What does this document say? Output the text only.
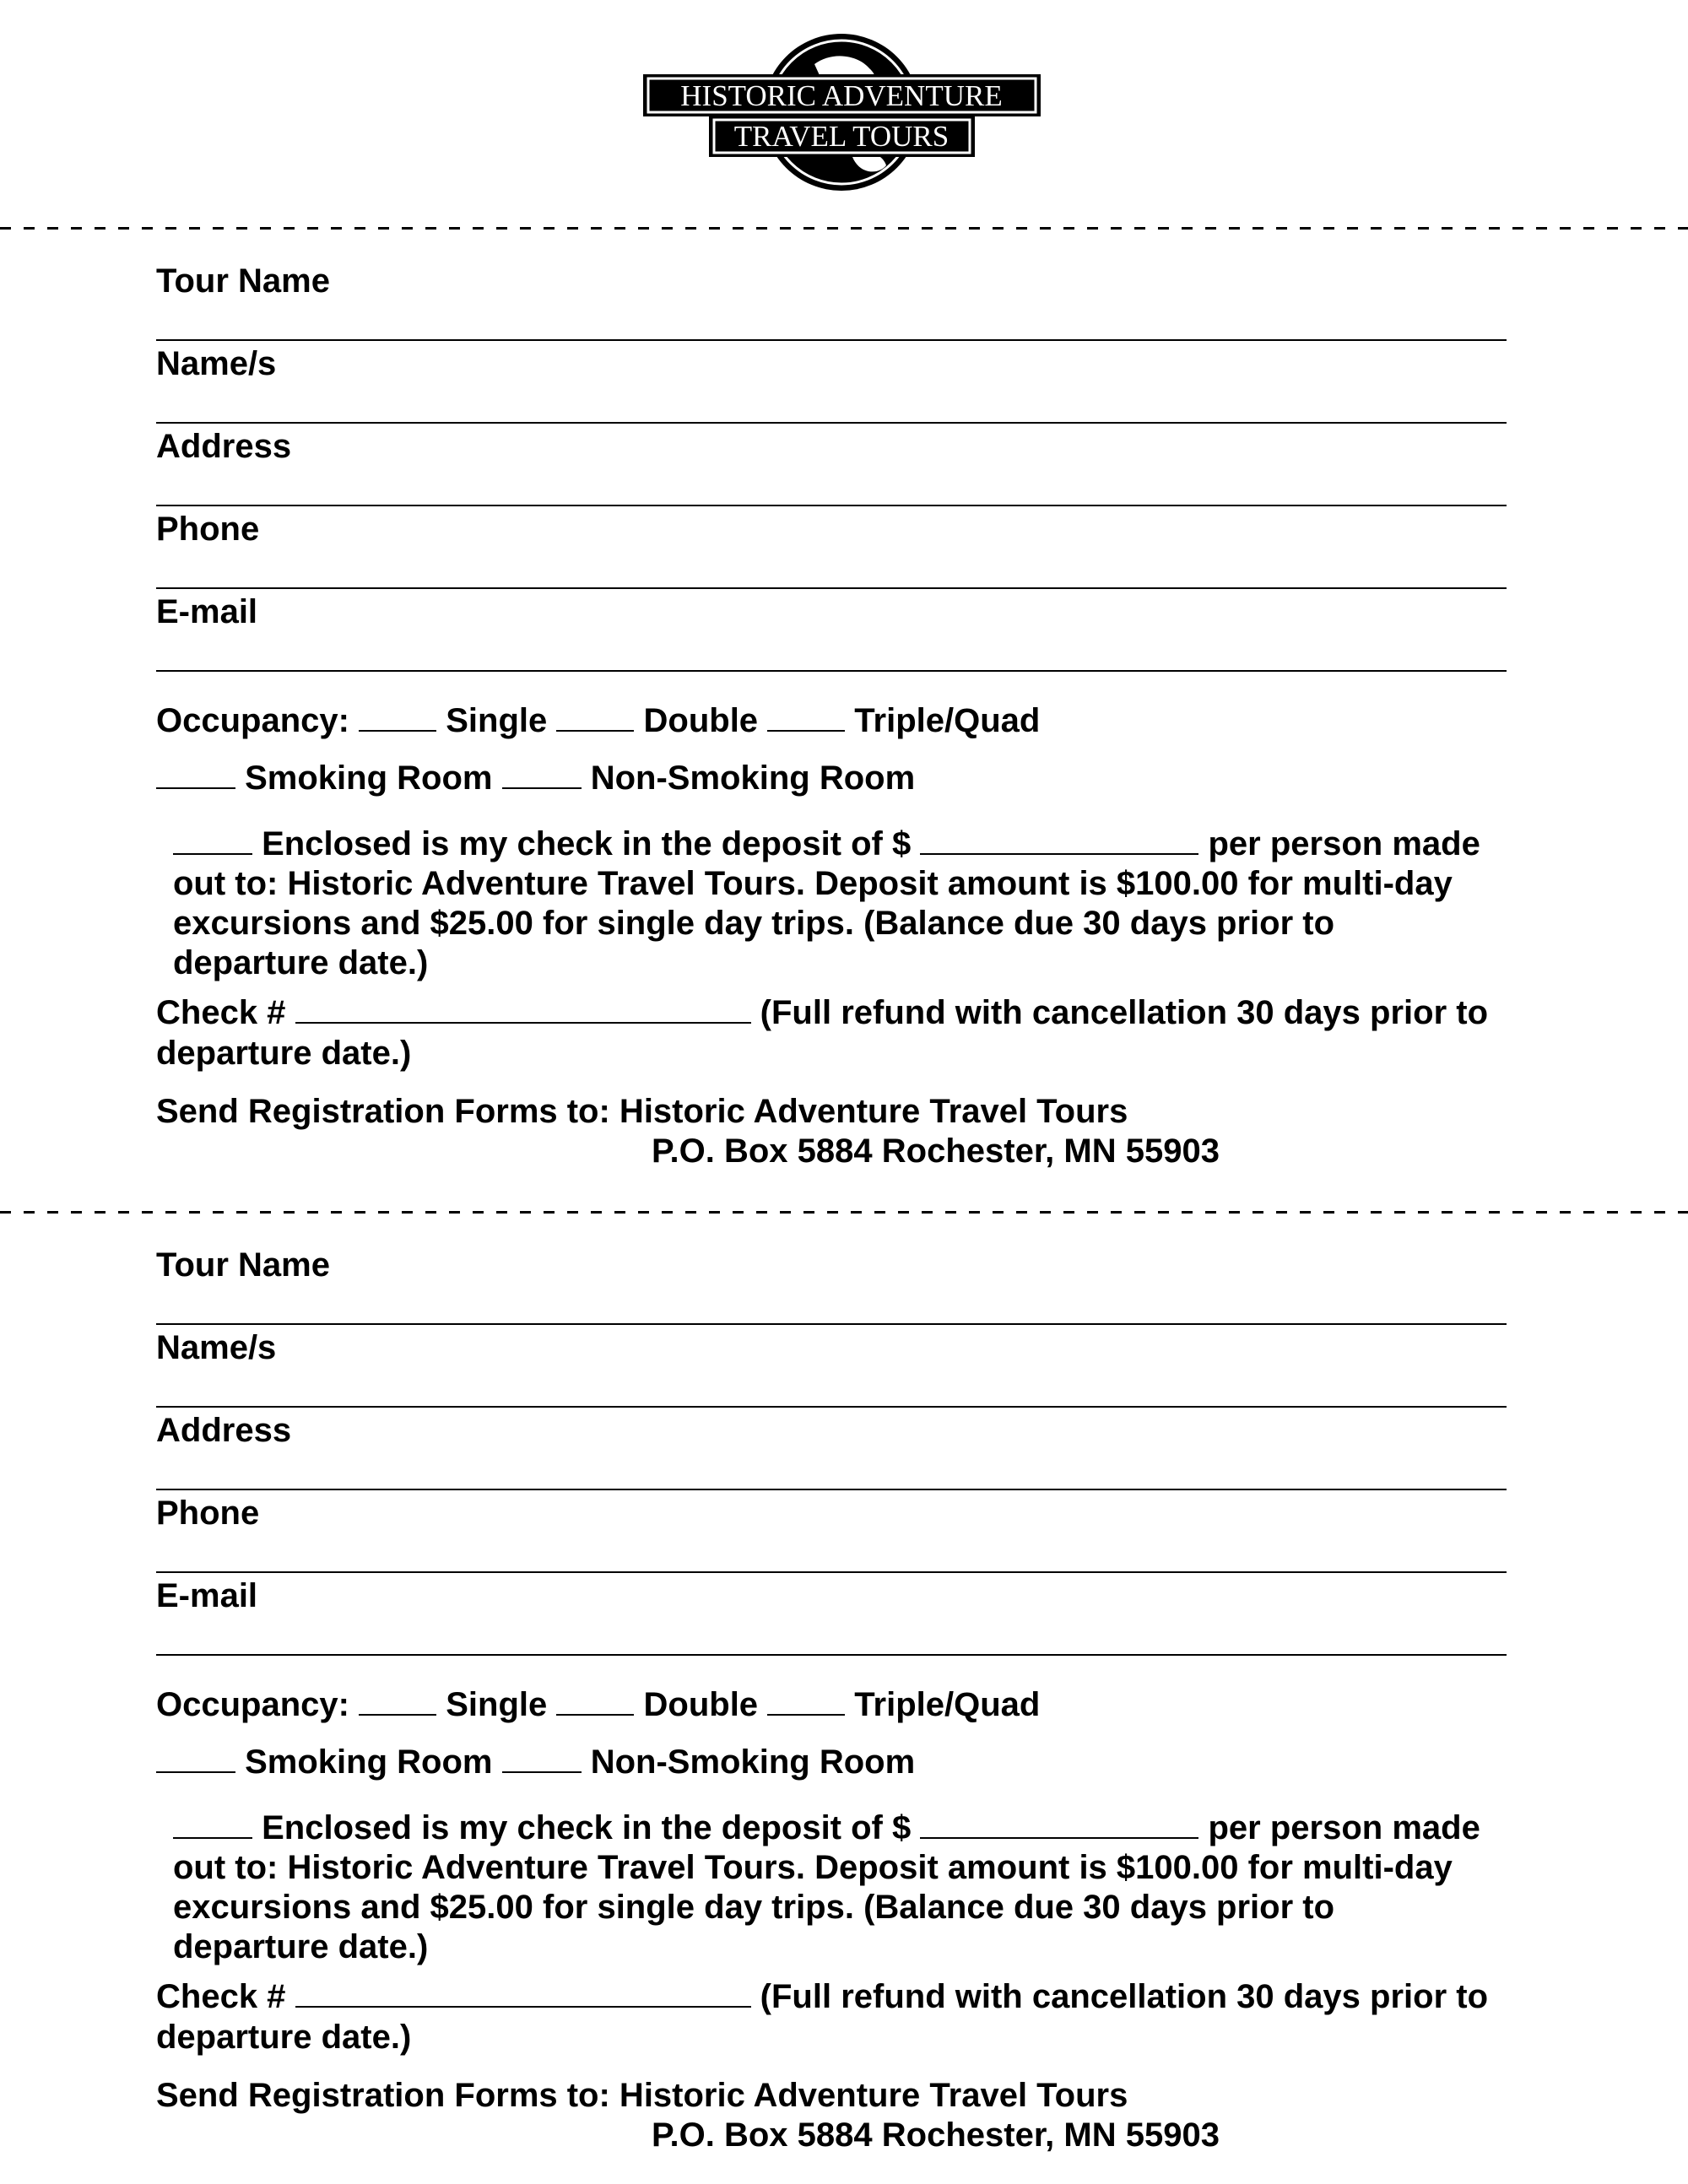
HISTORIC ADVENTURE
TRAVEL TOURS
Tour Name
Name/s
Address
Phone
E-mail
Occupancy:	Single	Double	Triple/Quad
Smoking Room	Non-Smoking Room
Enclosed is my check in the deposit of $	per person made out to: Historic Adventure Travel Tours. Deposit amount is $100.00 for multi-day excursions and $25.00 for single day trips. (Balance due 30 days prior to departure date.)
Check #	(Full refund with cancellation 30 days prior to departure date.)
Send Registration Forms to: Historic Adventure Travel Tours
P.O. Box 5884 Rochester, MN 55903
Tour Name
Name/s
Address
Phone
E-mail
Occupancy:	Single	Double	Triple/Quad
Smoking Room	Non-Smoking Room
Enclosed is my check in the deposit of $	per person made out to: Historic Adventure Travel Tours. Deposit amount is $100.00 for multi-day excursions and $25.00 for single day trips. (Balance due 30 days prior to departure date.)
Check #	(Full refund with cancellation 30 days prior to departure date.)
Send Registration Forms to: Historic Adventure Travel Tours
P.O. Box 5884 Rochester, MN 55903
